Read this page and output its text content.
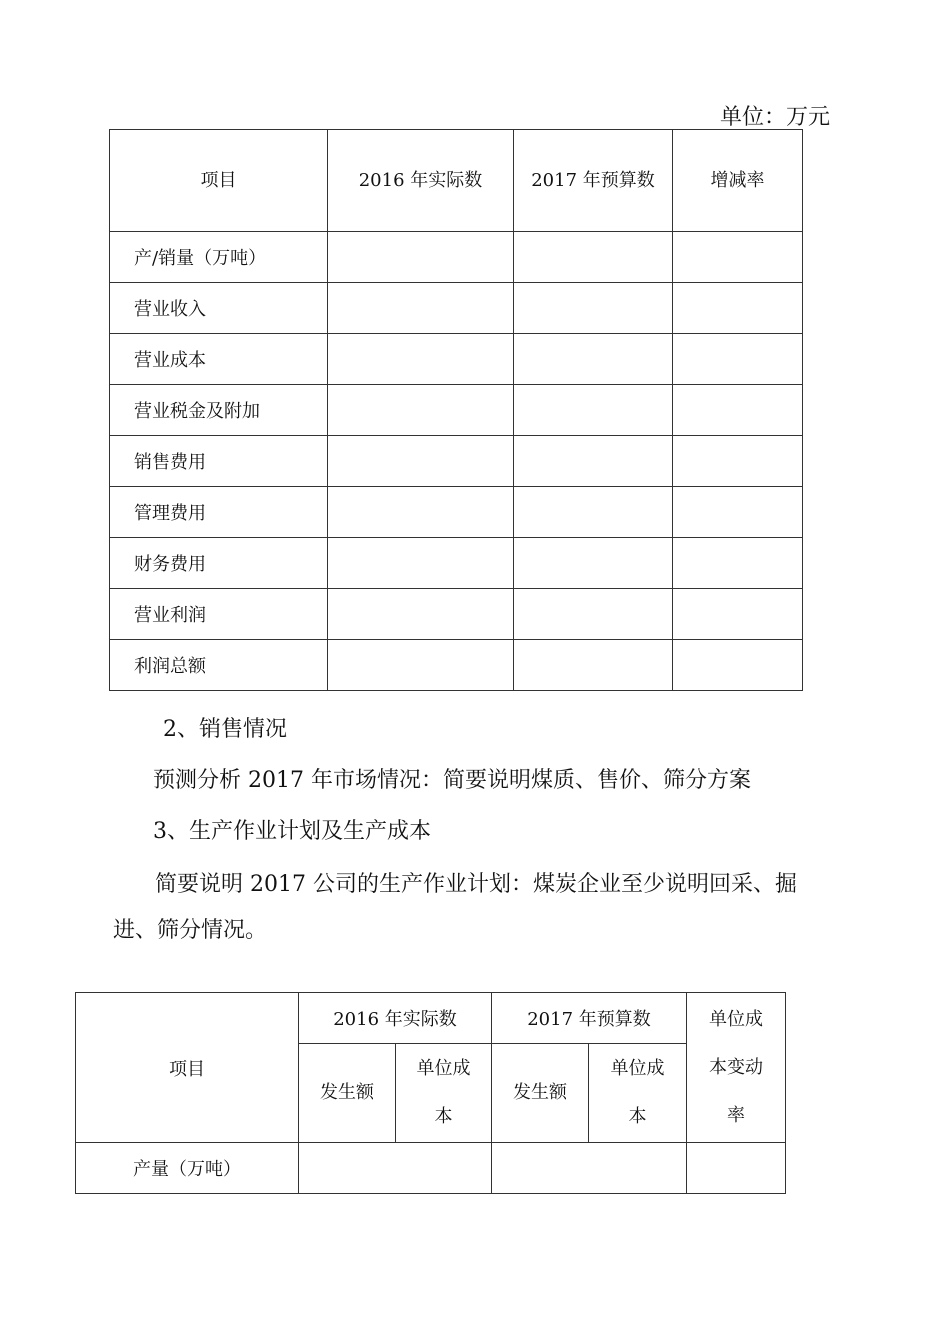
单位：万元
项目	2016 年实际数	2017 年预算数	增减率
产/销量（万吨）			
营业收入			
营业成本			
营业税金及附加			
销售费用			
管理费用			
财务费用			
营业利润			
利润总额			
2、销售情况
预测分析 2017 年市场情况：简要说明煤质、售价、筛分方案
3、生产作业计划及生产成本
简要说明 2017 公司的生产作业计划：煤炭企业至少说明回采、掘
进、筛分情况。
项目	2016 年实际数		2017 年预算数		单位成本变动率
	发生额	单位成本	发生额	单位成本	
产量（万吨）					
